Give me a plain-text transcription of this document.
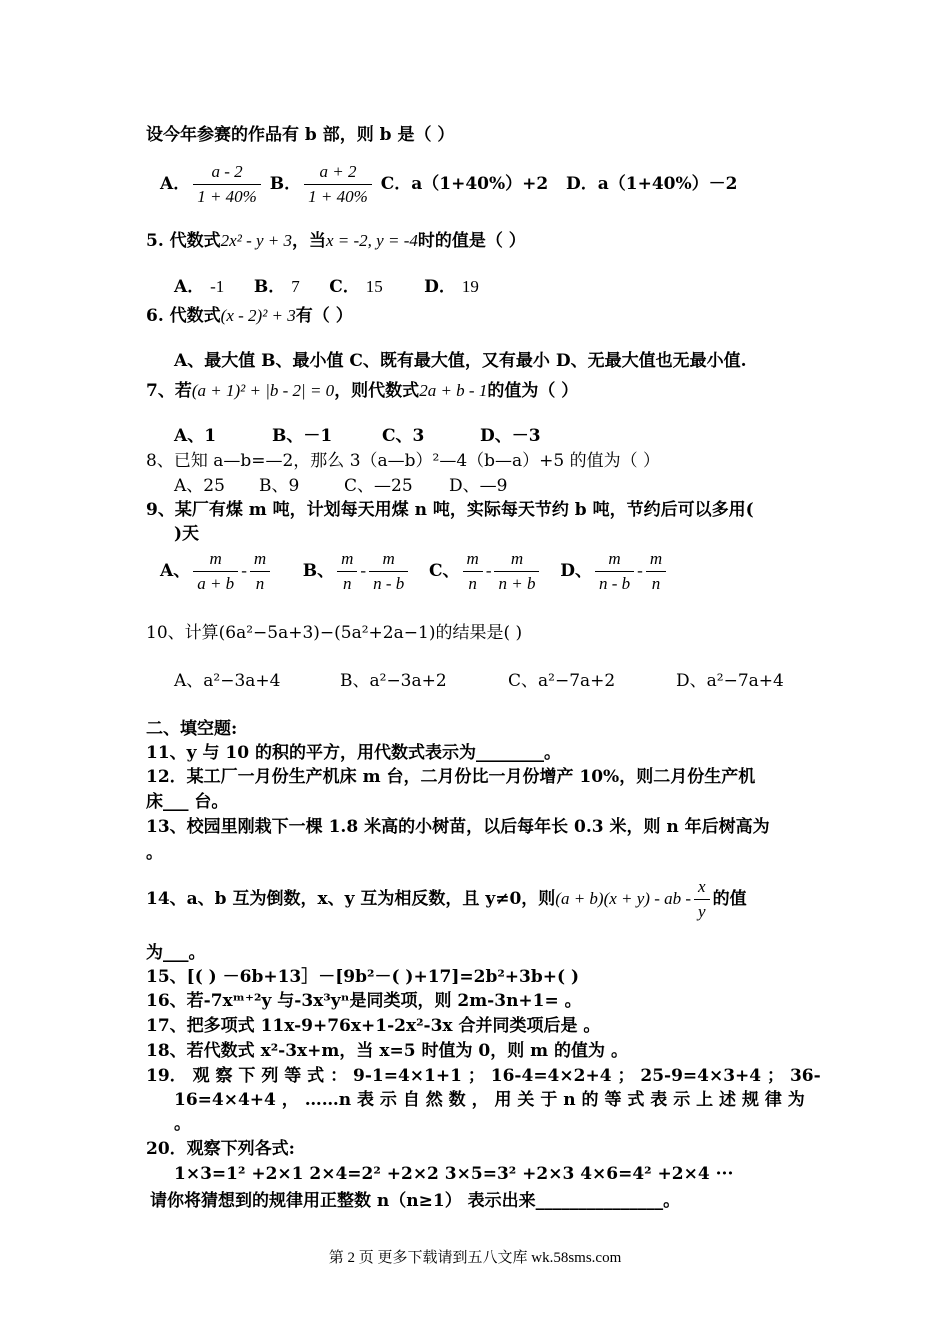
设今年参赛的作品有 b 部，则 b 是（ ）
A． $\frac{a - 2}{1 + 40\%}$ B． $\frac{a + 2}{1 + 40\%}$ C．a（1+40%）+2 D．a（1+40%）－2
5. 代数式2x² - y + 3，当x = -2, y = -4时的值是（ ）
A． -1 B． 7 C． 15 D． 19
6. 代数式(x - 2)² + 3有（ ）
A、最大值 B、最小值 C、既有最大值，又有最小 D、无最大值也无最小值.
7、若(a + 1)² + |b - 2| = 0，则代数式2a + b - 1的值为（ ）
A、1	B、－1	C、3	D、－3
8、已知 a—b=—2，那么 3（a—b）²—4（b—a）+5 的值为（ ）
A、25 B、9	C、—25 D、—9
9、某厂有煤 m 吨，计划每天用煤 n 吨，实际每天节约 b 吨，节约后可以多用(
)天
A、 $\frac{m}{a + b} - \frac{m}{n}$ B、 $\frac{m}{n} - \frac{m}{n - b}$ C、 $\frac{m}{n} - \frac{m}{n + b}$ D、 $\frac{m}{n - b} - \frac{m}{n}$
10、计算(6a²−5a+3)−(5a²+2a−1)的结果是( )
A、a²−3a+4	B、a²−3a+2	C、a²−7a+2	D、a²−7a+4
二、填空题:
11、y 与 10 的积的平方，用代数式表示为________。
12．某工厂一月份生产机床 m 台，二月份比一月份增产 10%，则二月份生产机
床___ 台。
13、校园里刚栽下一棵 1.8 米高的小树苗，以后每年长 0.3 米，则 n 年后树高为
。
14、a、b 互为倒数，x、y 互为相反数，且 y≠0，则(a + b)(x + y) - ab - $\frac{x}{y}$ 的值
为___。
15、[( ) －6b+13］－[9b²－( )+17]=2b²+3b+( )
16、若-7xᵐ⁺²y 与-3x³yⁿ是同类项，则 2m-3n+1= 。
17、把多项式 11x-9+76x+1-2x²-3x 合并同类项后是 。
18、若代数式 x²-3x+m，当 x=5 时值为 0，则 m 的值为 。
19． 观 察 下 列 等 式 ： 9-1=4×1+1 ； 16-4=4×2+4 ； 25-9=4×3+4 ； 36-
16=4×4+4 ， ……n 表 示 自 然 数 ， 用 关 于 n 的 等 式 表 示 上 述 规 律 为
。
20．观察下列各式:
1×3=1² +2×1 2×4=2² +2×2 3×5=3² +2×3 4×6=4² +2×4 ···
请你将猜想到的规律用正整数 n（n≥1） 表示出来_______________。
第 2 页 更多下载请到五八文库 wk.58sms.com
